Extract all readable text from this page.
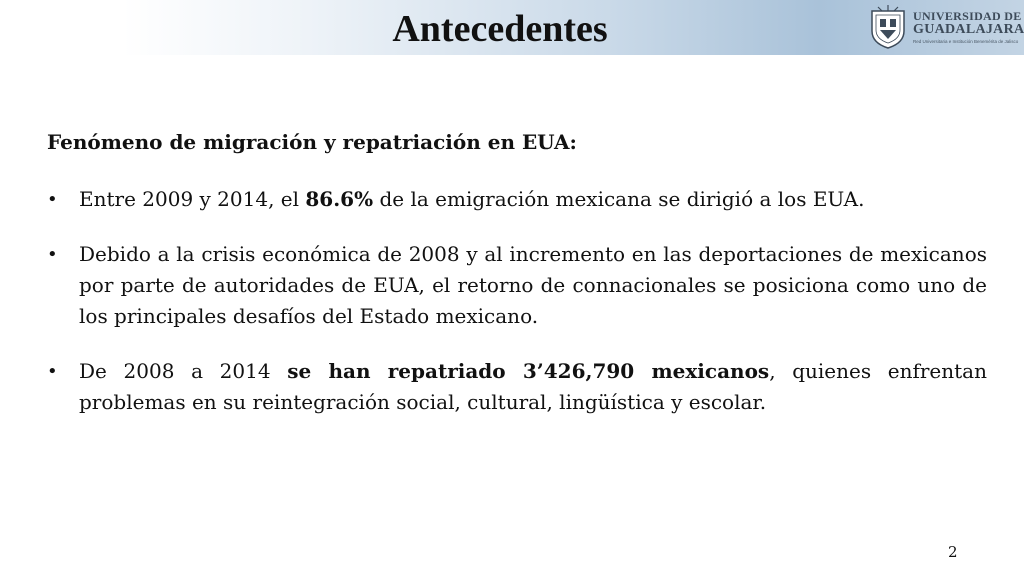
Antecedentes	UNIVERSIDAD DE
GUADALAJARA
Red Universitaria e Institución Benemérita de Jalisco

Fenómeno de migración y repatriación en EUA:

• Entre 2009 y 2014, el 86.6% de la emigración mexicana se dirigió a los EUA.
• Debido a la crisis económica de 2008 y al incremento en las deportaciones de mexicanos por parte de autoridades de EUA, el retorno de connacionales se posiciona como uno de los principales desafíos del Estado mexicano.
• De 2008 a 2014 se han repatriado 3’426,790 mexicanos, quienes enfrentan problemas en su reintegración social, cultural, lingüística y escolar.
2
